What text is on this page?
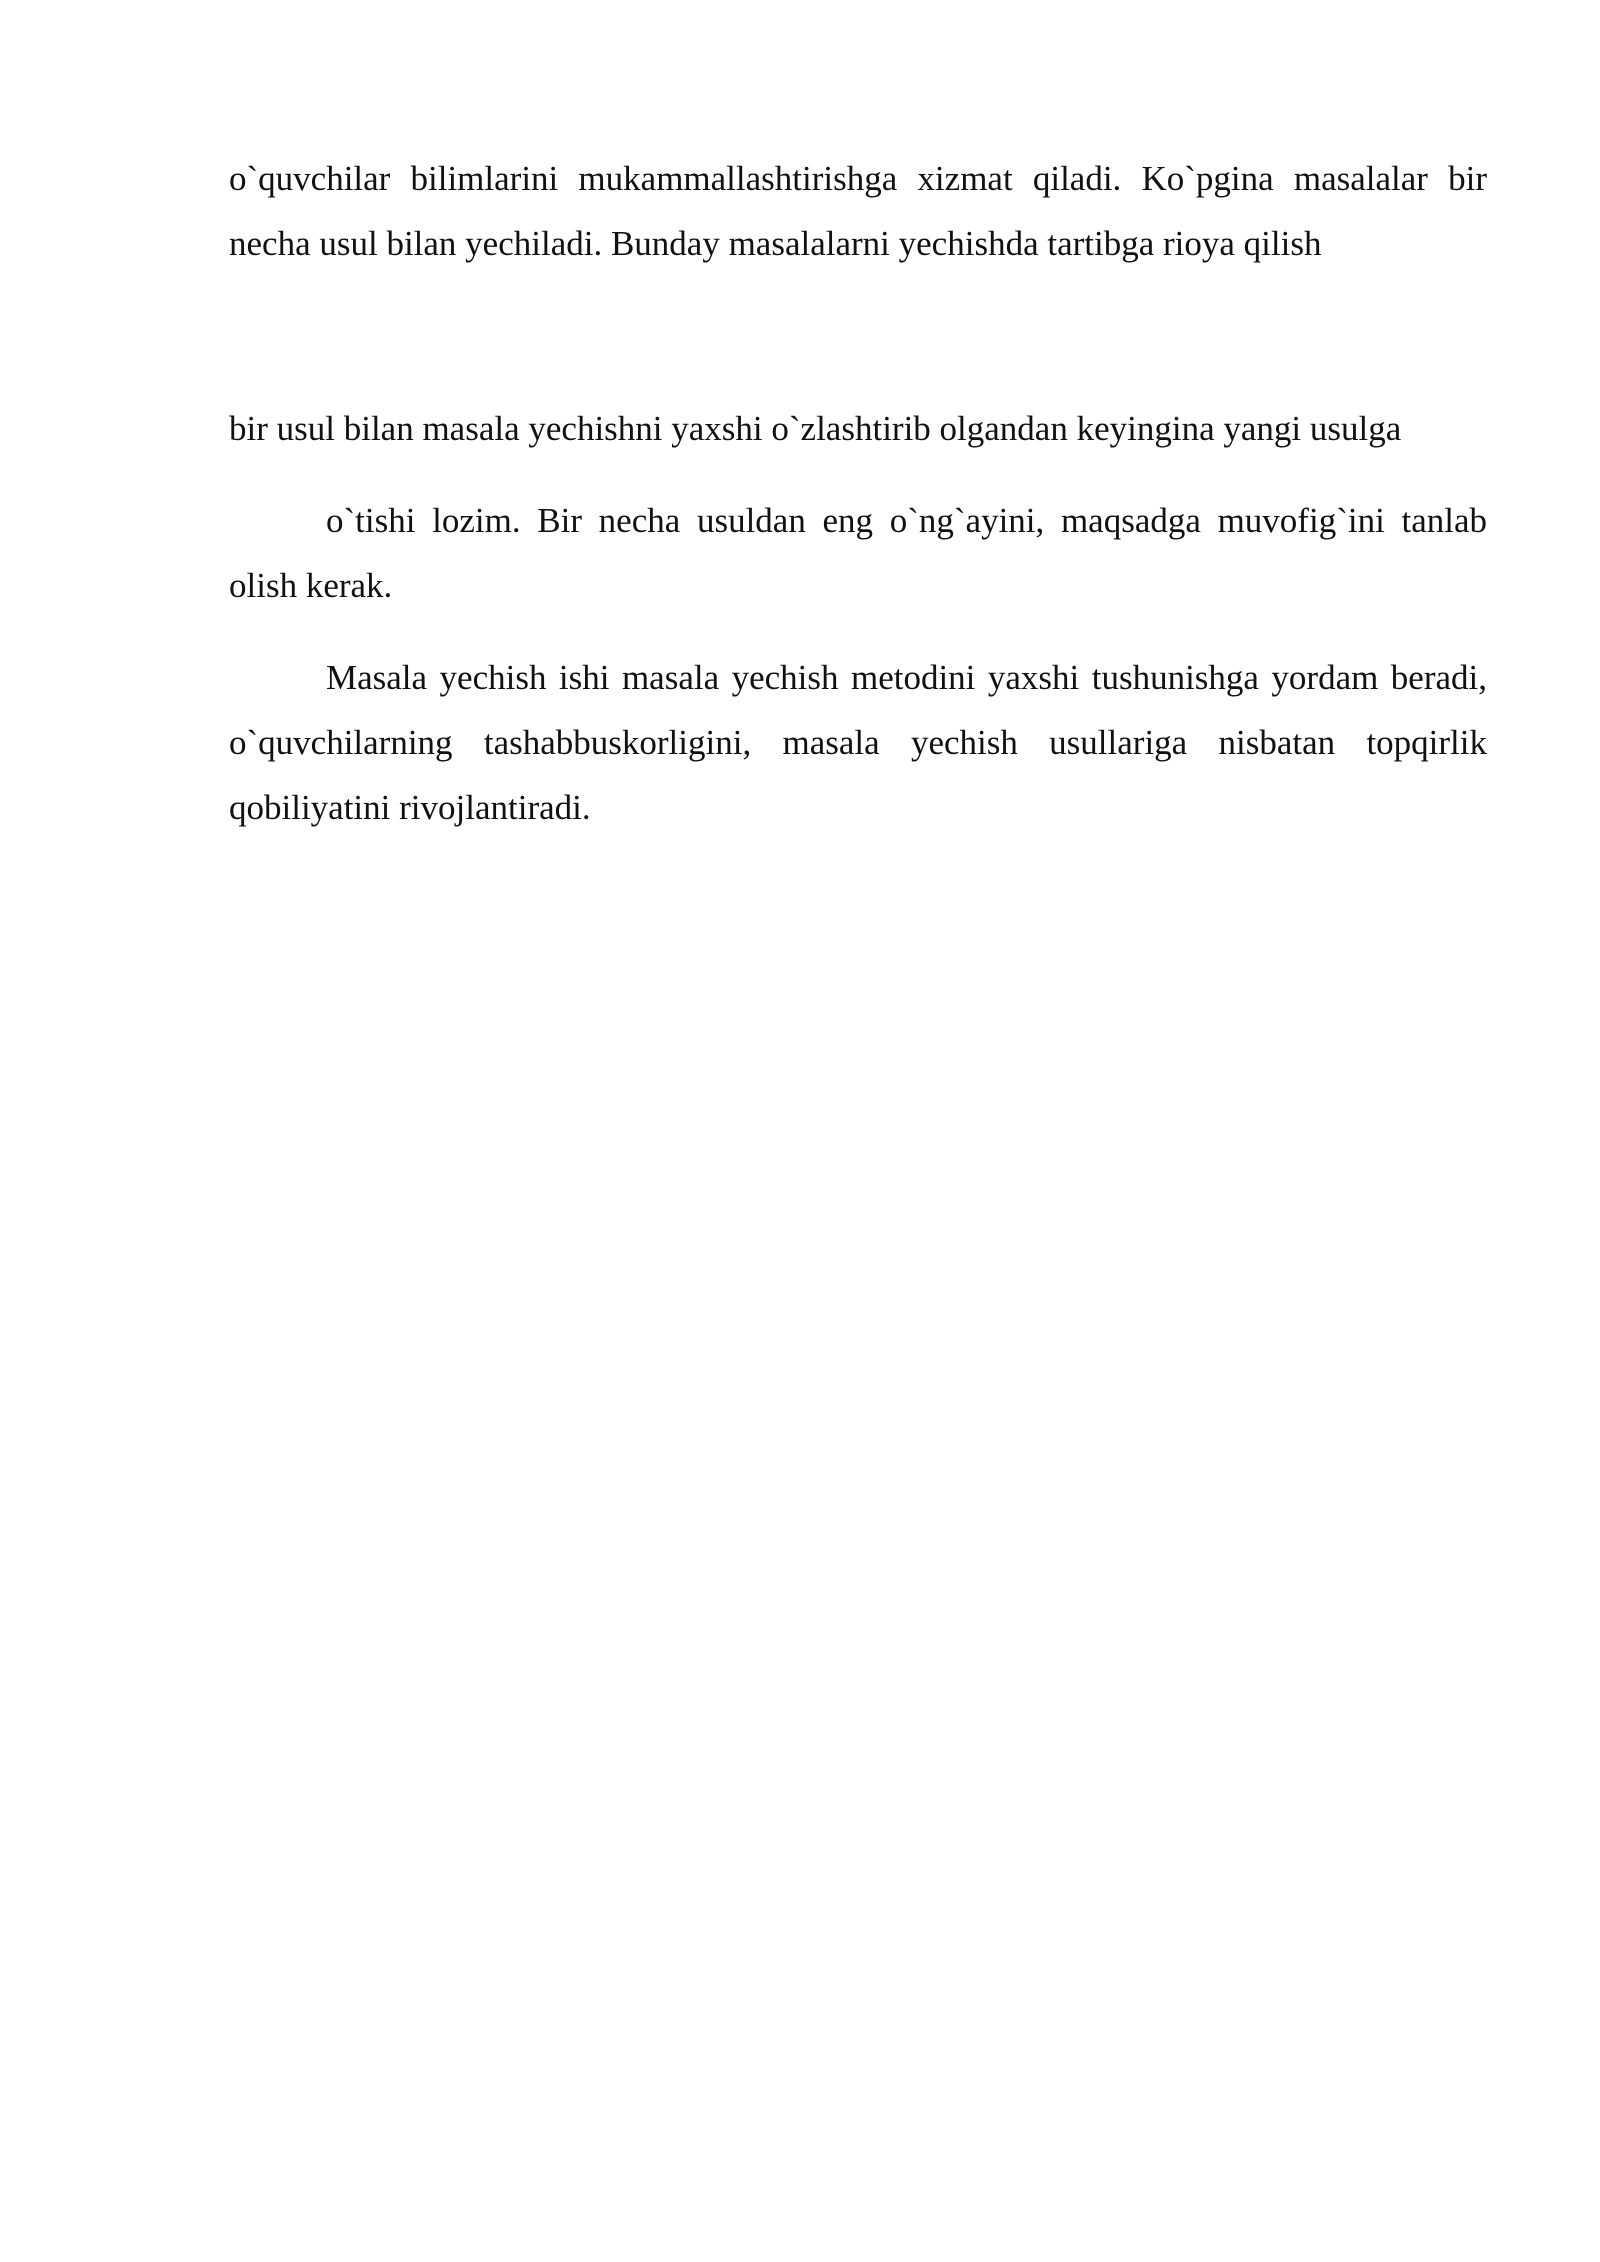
o`quvchilar bilimlarini mukammallashtirishga xizmat qiladi. Ko`pgina masalalar bir necha usul bilan yechiladi. Bunday masalalarni yechishda tartibga rioya qilish

bir usul bilan masala yechishni yaxshi o`zlashtirib olgandan keyingina yangi usulga

o`tishi lozim. Bir necha usuldan eng o`ng`ayini, maqsadga muvofig`ini tanlab olish kerak.

Masala yechish ishi masala yechish metodini yaxshi tushunishga yordam beradi, o`quvchilarning tashabbuskorligini, masala yechish usullariga nisbatan topqirlik qobiliyatini rivojlantiradi.
